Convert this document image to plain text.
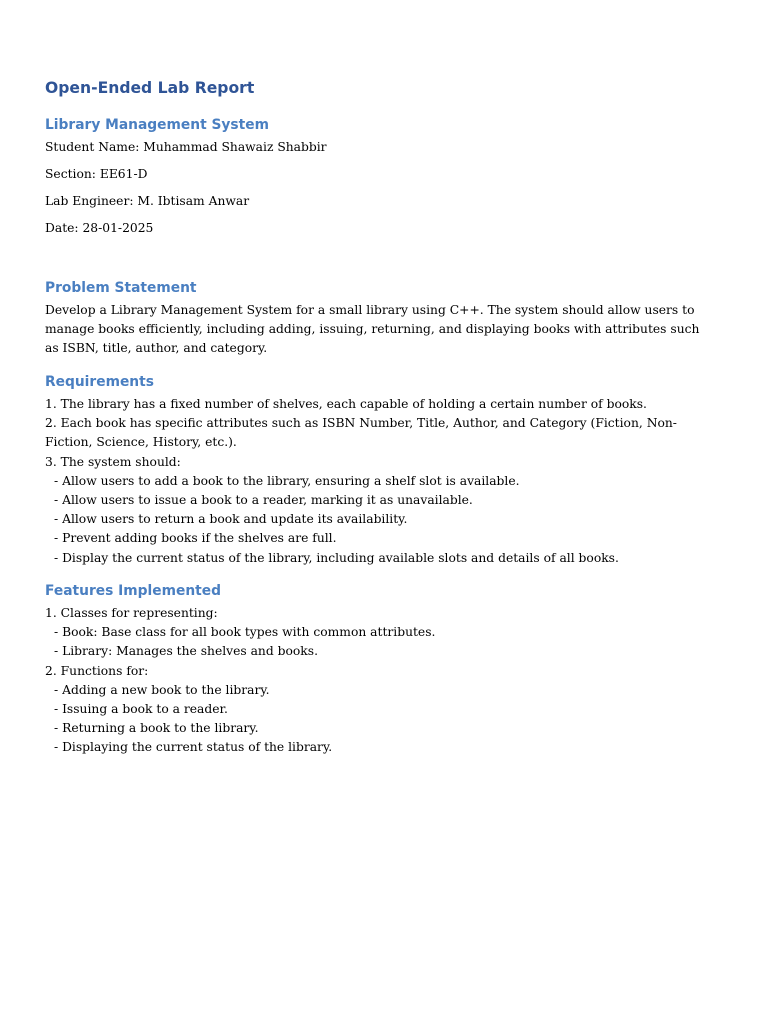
Open-Ended Lab Report
Library Management System

Student Name: Muhammad Shawaiz Shabbir

Section: EE61-D

Lab Engineer: M. Ibtisam Anwar

Date: 28-01-2025

Problem Statement

Develop a Library Management System for a small library using C++. The system should allow users to manage books efficiently, including adding, issuing, returning, and displaying books with attributes such as ISBN, title, author, and category.

Requirements
1. The library has a fixed number of shelves, each capable of holding a certain number of books.
2. Each book has specific attributes such as ISBN Number, Title, Author, and Category (Fiction, Non-Fiction, Science, History, etc.).
3. The system should:
- Allow users to add a book to the library, ensuring a shelf slot is available.
- Allow users to issue a book to a reader, marking it as unavailable.
- Allow users to return a book and update its availability.
- Prevent adding books if the shelves are full.
- Display the current status of the library, including available slots and details of all books.
Features Implemented
1. Classes for representing:
- Book: Base class for all book types with common attributes.
- Library: Manages the shelves and books.
2. Functions for:
- Adding a new book to the library.
- Issuing a book to a reader.
- Returning a book to the library.
- Displaying the current status of the library.
